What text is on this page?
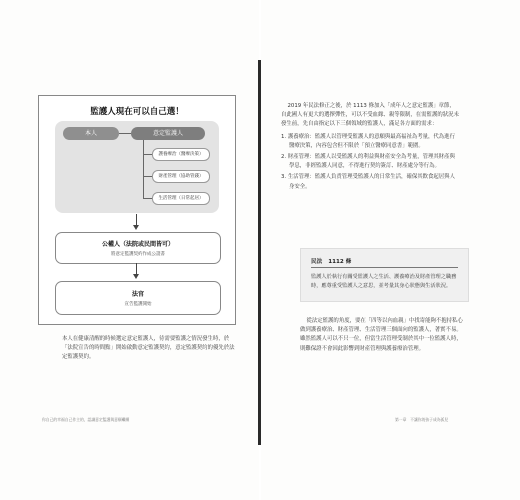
監護人現在可以自己選！
本人	意定監護人
護養療治（醫療決策）
財產管理（協助管錢）
生活管理（日常起居）
公權人（法院或民間皆可）
將意定監護契約作成公證書
法官
宣告監護開始

本人在健康清醒的時候選定意定監護人，待需要監護之情況發生時，於「法院宣告的時間點」開始啟動意定監護契約，意定監護契約的優先於法定監護契約。

你自己的幸福自己作主的，認識意定監護與意願繼續

2019 年民法修正之後，於 1113 條加入「成年人之意定監護」章節，自此國人有更大的選擇彈性，可以不受血緣、親等限制，在需監護的狀況未發生前，先自由指定以下三個領域的監護人，滿足各方面的需求：

1. 護養療治：監護人以管理受監護人的意願與最高福祉為考量，代為進行醫療決策，內容包含但不限於「預立醫療同意書」範圍。
2. 財產管理：監護人以受監護人的利益與財產安全為考量，管理其財產與學息，非經監護人同意，不得進行契約簽訂、財產處分等行為。
3. 生活管理：監護人負責管理受監護人的日常生活，確保其飲食起居與人身安全。
民法 1112 條
監護人於執行有關受監護人之生活、護養療治及財產管理之職務時，應尊重受監護人之意思，並考量其身心狀態與生活狀況。
從法定監護的角度，要在「四等以內血親」中找寄能夠不抱持私心做到護養療治、財產管理、生活管理三個面向的監護人，著實不易。雖然監護人可以不只一位，但當生活管理受制於其中一位監護人時，則難保證不會因此影響到財產管理與護養療治管理。
第一章　不讓你的孩子成為孤兒
